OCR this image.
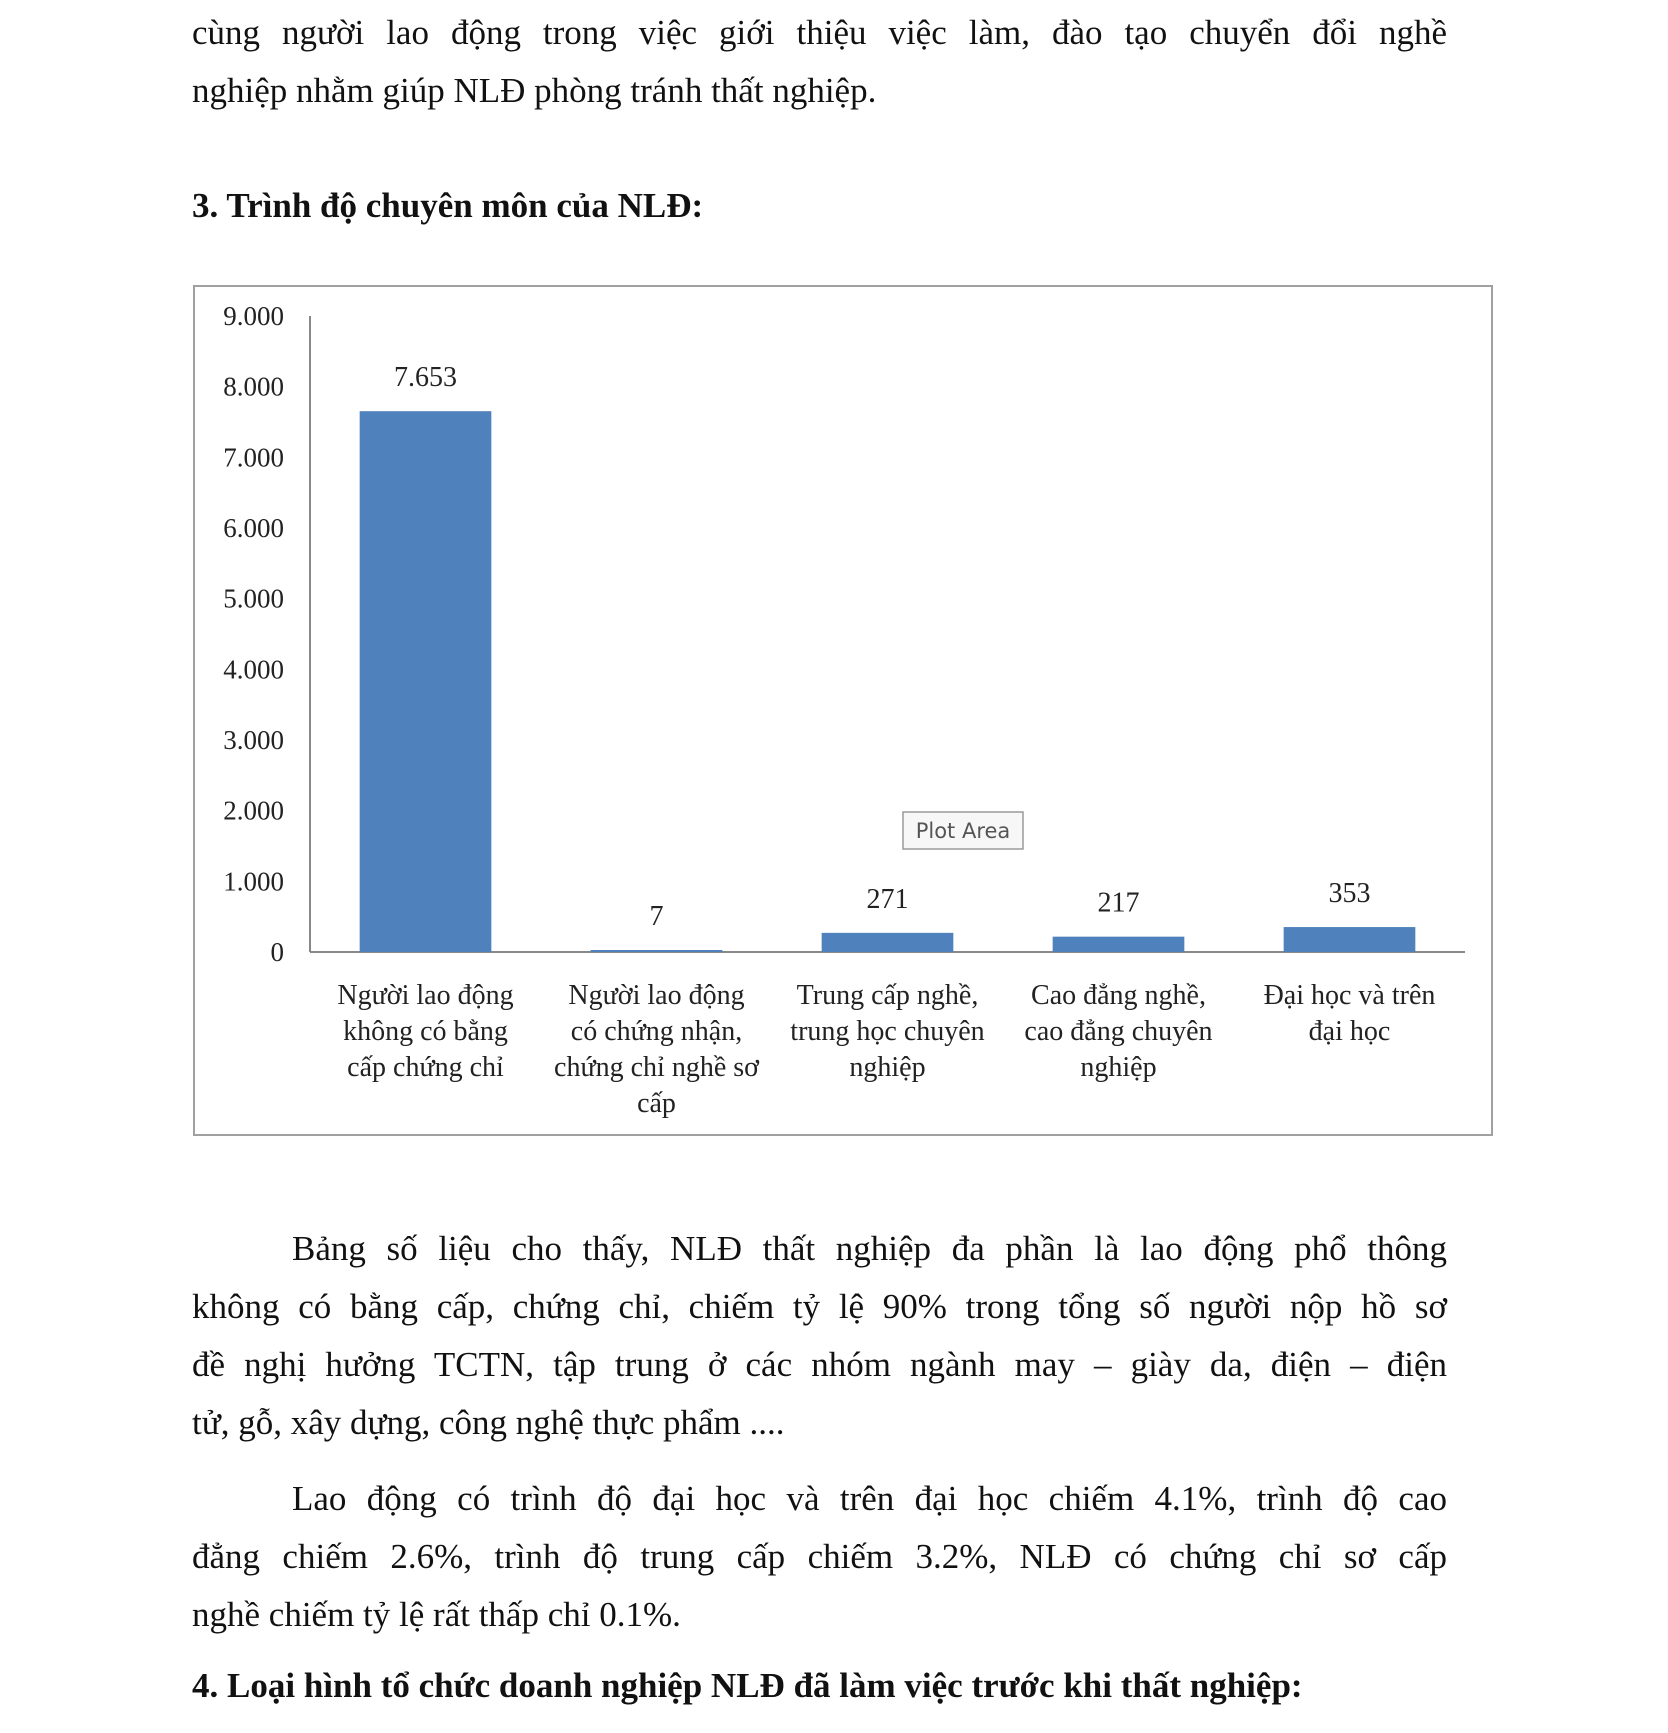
cùng người lao động trong việc giới thiệu việc làm, đào tạo chuyển đổi nghề
nghiệp nhằm giúp NLĐ phòng tránh thất nghiệp.
3. Trình độ chuyên môn của NLĐ:
0
1.000
2.000
3.000
4.000
5.000
6.000
7.000
8.000
9.000
7.653
7
271	217	353
Người lao động không có bằng cấp chứng chỉ
Người lao động có chứng nhận, chứng chỉ nghề sơ cấp
Trung cấp nghề, trung học chuyên nghiệp
Cao đẳng nghề, cao đẳng chuyên nghiệp
Đại học và trên đại học
Plot Area
Bảng số liệu cho thấy, NLĐ thất nghiệp đa phần là lao động phổ thông
không có bằng cấp, chứng chỉ, chiếm tỷ lệ 90% trong tổng số người nộp hồ sơ
đề nghị hưởng TCTN, tập trung ở các nhóm ngành may – giày da, điện – điện
tử, gỗ, xây dựng, công nghệ thực phẩm ....
Lao động có trình độ đại học và trên đại học chiếm 4.1%, trình độ cao
đẳng chiếm 2.6%, trình độ trung cấp chiếm 3.2%, NLĐ có chứng chỉ sơ cấp
nghề chiếm tỷ lệ rất thấp chỉ 0.1%.
4. Loại hình tổ chức doanh nghiệp NLĐ đã làm việc trước khi thất nghiệp:
